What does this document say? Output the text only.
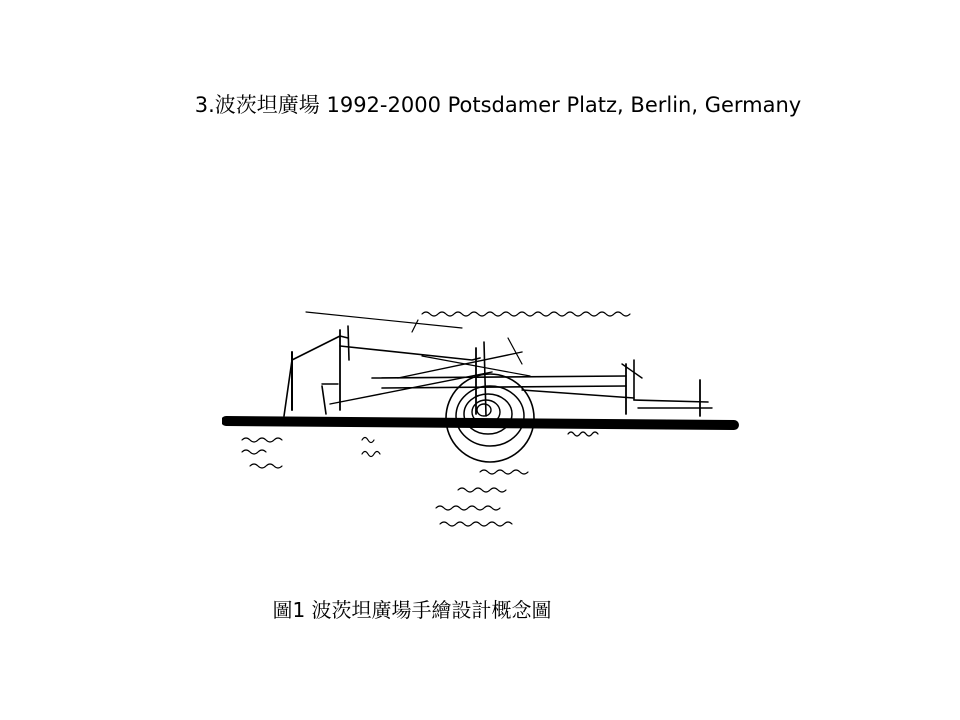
3.波茨坦廣場 1992-2000 Potsdamer Platz, Berlin, Germany
圖1 波茨坦廣場手繪設計概念圖
